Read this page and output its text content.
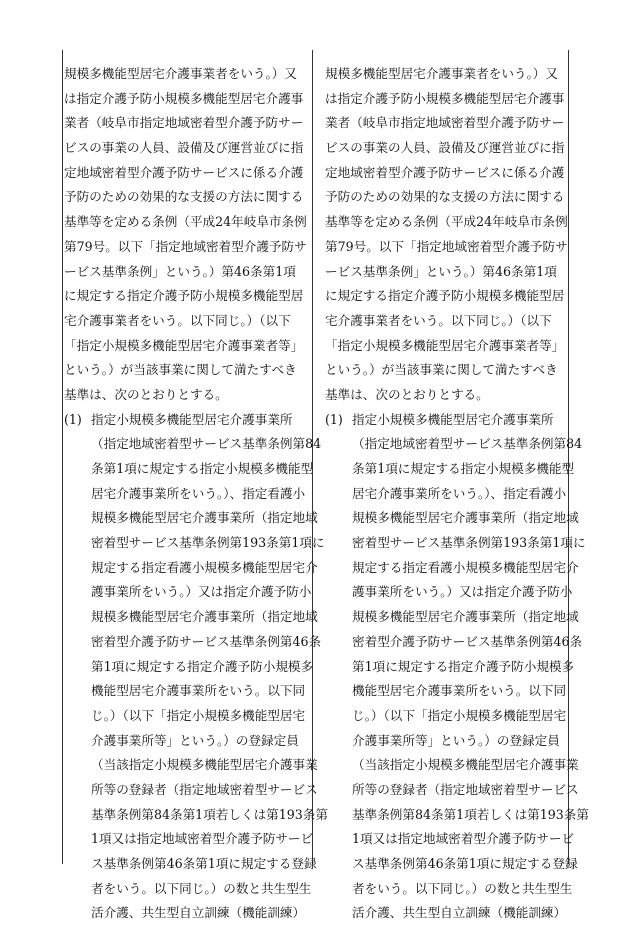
規模多機能型居宅介護事業者をいう。）又
は指定介護予防小規模多機能型居宅介護事
業者（岐阜市指定地域密着型介護予防サー
ビスの事業の人員、設備及び運営並びに指
定地域密着型介護予防サービスに係る介護
予防のための効果的な支援の方法に関する
基準等を定める条例（平成24年岐阜市条例
第79号。以下「指定地域密着型介護予防サ
ービス基準条例」という。）第46条第1項
に規定する指定介護予防小規模多機能型居
宅介護事業者をいう。以下同じ。）（以下
「指定小規模多機能型居宅介護事業者等」
という。）が当該事業に関して満たすべき
基準は、次のとおりとする。
(1) 指定小規模多機能型居宅介護事業所
（指定地域密着型サービス基準条例第84
条第1項に規定する指定小規模多機能型
居宅介護事業所をいう。）、指定看護小
規模多機能型居宅介護事業所（指定地域
密着型サービス基準条例第193条第1項に
規定する指定看護小規模多機能型居宅介
護事業所をいう。）又は指定介護予防小
規模多機能型居宅介護事業所（指定地域
密着型介護予防サービス基準条例第46条
第1項に規定する指定介護予防小規模多
機能型居宅介護事業所をいう。以下同
じ。）（以下「指定小規模多機能型居宅
介護事業所等」という。）の登録定員
（当該指定小規模多機能型居宅介護事業
所等の登録者（指定地域密着型サービス
基準条例第84条第1項若しくは第193条第
1項又は指定地域密着型介護予防サービ
ス基準条例第46条第1項に規定する登録
者をいう。以下同じ。）の数と共生型生
活介護、共生型自立訓練（機能訓練）
規模多機能型居宅介護事業者をいう。）又
は指定介護予防小規模多機能型居宅介護事
業者（岐阜市指定地域密着型介護予防サー
ビスの事業の人員、設備及び運営並びに指
定地域密着型介護予防サービスに係る介護
予防のための効果的な支援の方法に関する
基準等を定める条例（平成24年岐阜市条例
第79号。以下「指定地域密着型介護予防サ
ービス基準条例」という。）第46条第1項
に規定する指定介護予防小規模多機能型居
宅介護事業者をいう。以下同じ。）（以下
「指定小規模多機能型居宅介護事業者等」
という。）が当該事業に関して満たすべき
基準は、次のとおりとする。
(1) 指定小規模多機能型居宅介護事業所
（指定地域密着型サービス基準条例第84
条第1項に規定する指定小規模多機能型
居宅介護事業所をいう。）、指定看護小
規模多機能型居宅介護事業所（指定地域
密着型サービス基準条例第193条第1項に
規定する指定看護小規模多機能型居宅介
護事業所をいう。）又は指定介護予防小
規模多機能型居宅介護事業所（指定地域
密着型介護予防サービス基準条例第46条
第1項に規定する指定介護予防小規模多
機能型居宅介護事業所をいう。以下同
じ。）（以下「指定小規模多機能型居宅
介護事業所等」という。）の登録定員
（当該指定小規模多機能型居宅介護事業
所等の登録者（指定地域密着型サービス
基準条例第84条第1項若しくは第193条第
1項又は指定地域密着型介護予防サービ
ス基準条例第46条第1項に規定する登録
者をいう。以下同じ。）の数と共生型生
活介護、共生型自立訓練（機能訓練）
